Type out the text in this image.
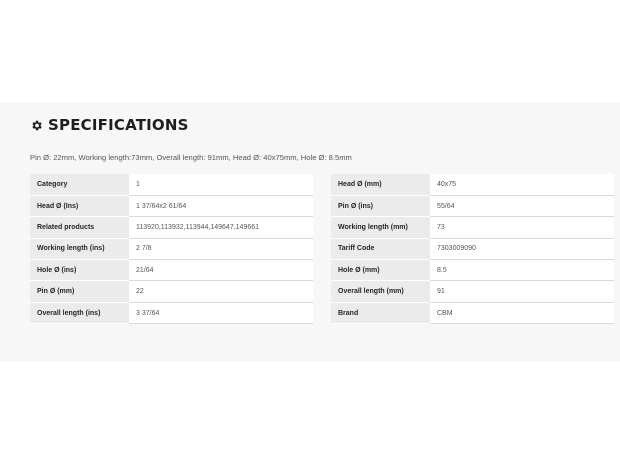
SPECIFICATIONS
Pin Ø: 22mm, Working length:73mm, Overall length: 91mm, Head Ø: 40x75mm, Hole Ø: 8.5mm
Category	1
Head Ø (Ins)	1 37/64x2 61/64
Related products	113920,113932,113944,149647,149661
Working length (ins)	2 7/8
Hole Ø (ins)	21/64
Pin Ø (mm)	22
Overall length (ins)	3 37/64
Head Ø (mm)	40x75
Pin Ø (ins)	55/64
Working length (mm)	73
Tariff Code	7303009090
Hole Ø (mm)	8.5
Overall length (mm)	91
Brand	CBM
